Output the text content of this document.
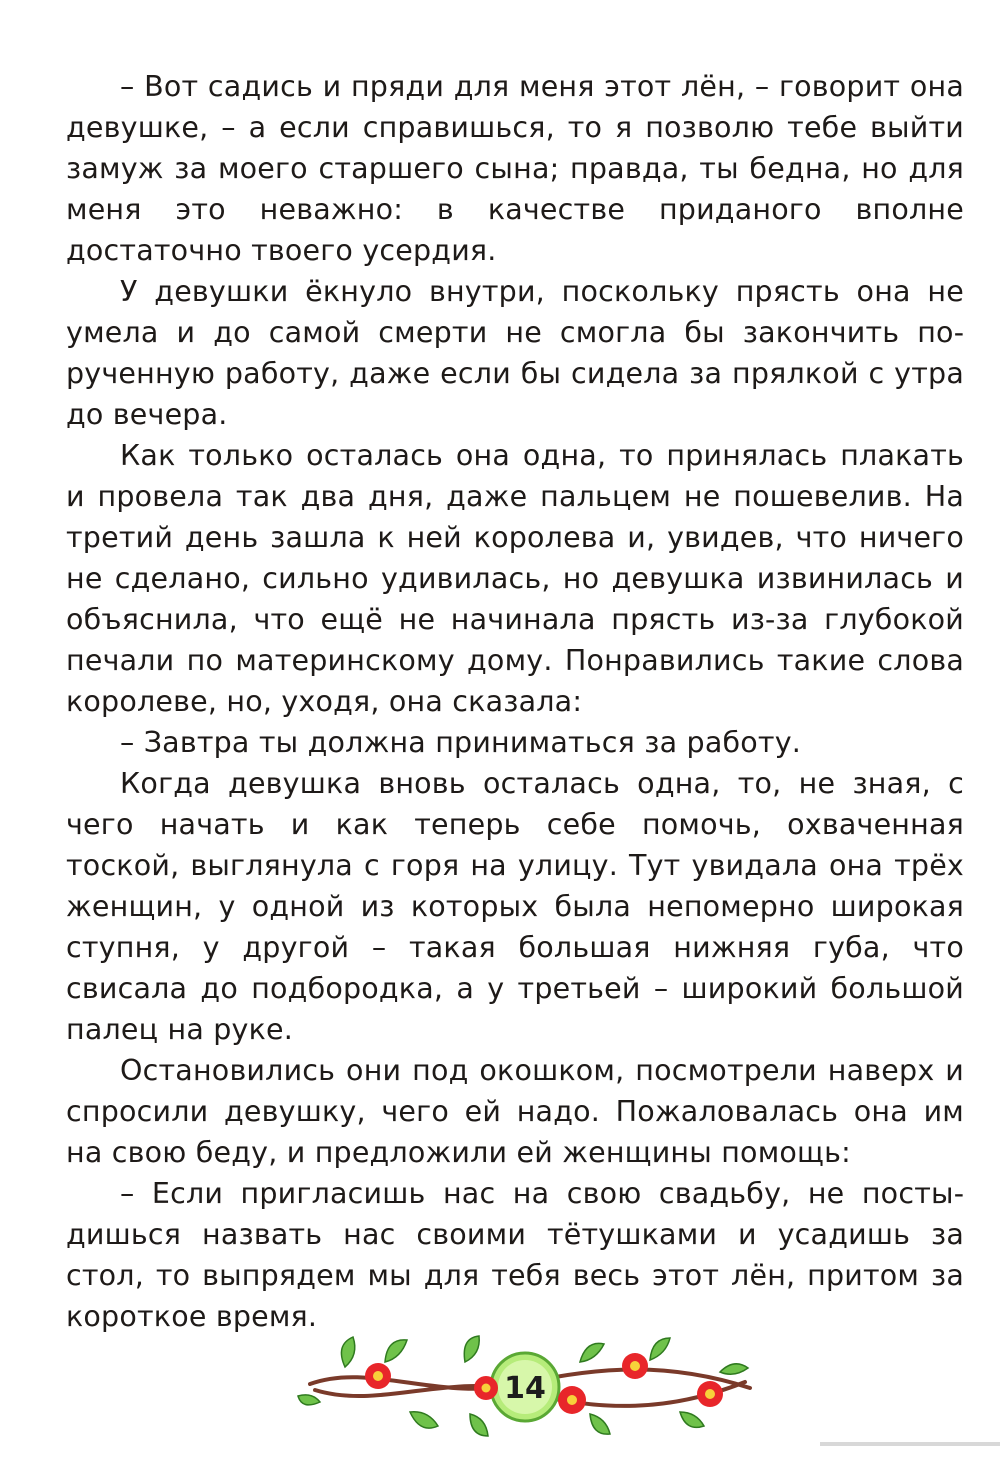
– Вот садись и пряди для меня этот лён, – говорит она девушке, – а если справишься, то я позволю тебе выйти замуж за моего старшего сына; правда, ты бедна, но для меня это неважно: в качестве приданого вполне достаточно твоего усердия.

У девушки ёкнуло внутри, поскольку прясть она не умела и до самой смерти не смогла бы закончить порученную работу, даже если бы сидела за прялкой с утра до вечера.

Как только осталась она одна, то принялась плакать и провела так два дня, даже пальцем не пошевелив. На третий день зашла к ней королева и, увидев, что ничего не сделано, сильно удивилась, но девушка извинилась и объяснила, что ещё не начинала прясть из-за глубокой печали по материнскому дому. Понравились такие слова королеве, но, уходя, она сказала:

– Завтра ты должна приниматься за работу.

Когда девушка вновь осталась одна, то, не зная, с чего начать и как теперь себе помочь, охваченная тоской, выглянула с горя на улицу. Тут увидала она трёх женщин, у одной из которых была непомерно широкая ступня, у другой – такая большая нижняя губа, что свисала до подбородка, а у третьей – широкий большой палец на руке.

Остановились они под окошком, посмотрели наверх и спросили девушку, чего ей надо. Пожаловалась она им на свою беду, и предложили ей женщины помощь:

– Если пригласишь нас на свою свадьбу, не постыдишься назвать нас своими тётушками и усадишь за стол, то выпрядем мы для тебя весь этот лён, притом за короткое время.

14
